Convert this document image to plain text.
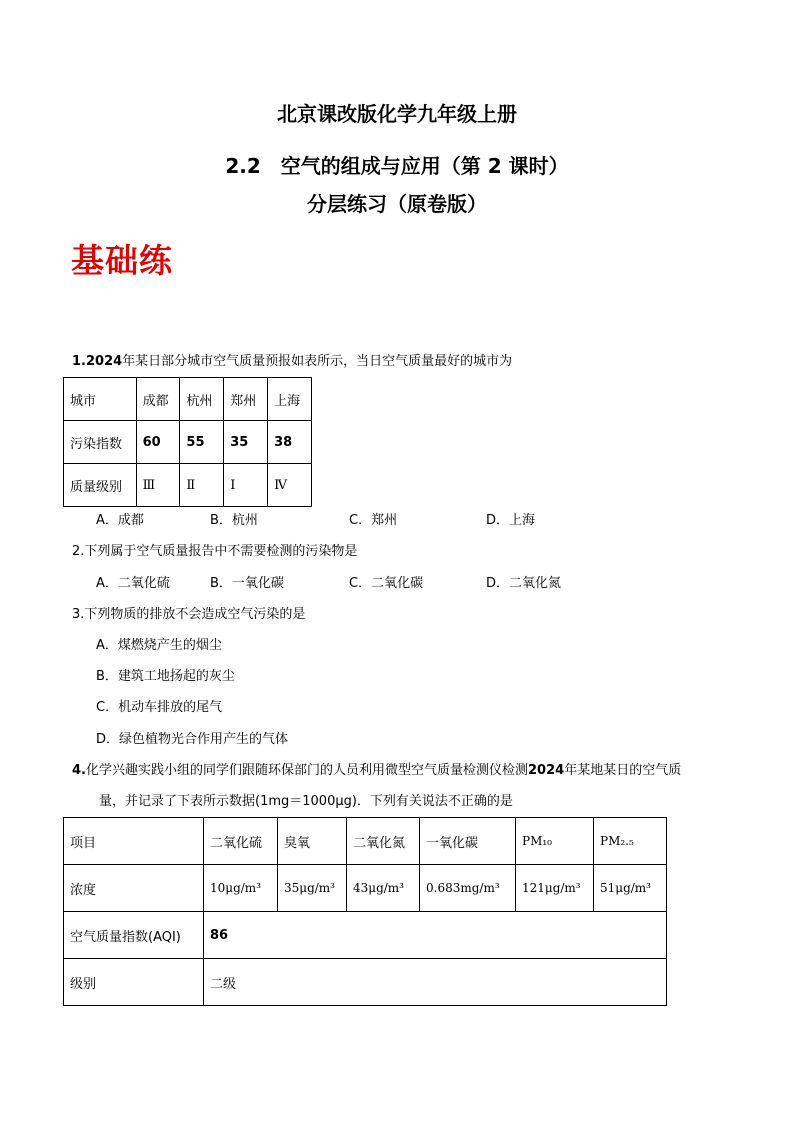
北京课改版化学九年级上册
2.2　空气的组成与应用（第 2 课时）
分层练习（原卷版）
基础练
1.2024年某日部分城市空气质量预报如表所示，当日空气质量最好的城市为
城市	成都	杭州	郑州	上海
污染指数	60	55	35	38
质量级别	Ⅲ	Ⅱ	Ⅰ	Ⅳ
A．成都	B．杭州	C．郑州	D．上海
2.下列属于空气质量报告中不需要检测的污染物是
A．二氧化硫	B．一氧化碳	C．二氧化碳	D．二氧化氮
3.下列物质的排放不会造成空气污染的是
A．煤燃烧产生的烟尘
B．建筑工地扬起的灰尘
C．机动车排放的尾气
D．绿色植物光合作用产生的气体
4.化学兴趣实践小组的同学们跟随环保部门的人员利用微型空气质量检测仪检测2024年某地某日的空气质
量，并记录了下表所示数据(1mg＝1000μg)．下列有关说法不正确的是
项目	二氧化硫	臭氧	二氧化氮	一氧化碳	PM₁₀	PM₂.₅
浓度	10μg/m³	35μg/m³	43μg/m³	0.683mg/m³	121μg/m³	51μg/m³
空气质量指数(AQI)	86					
级别	二级					
